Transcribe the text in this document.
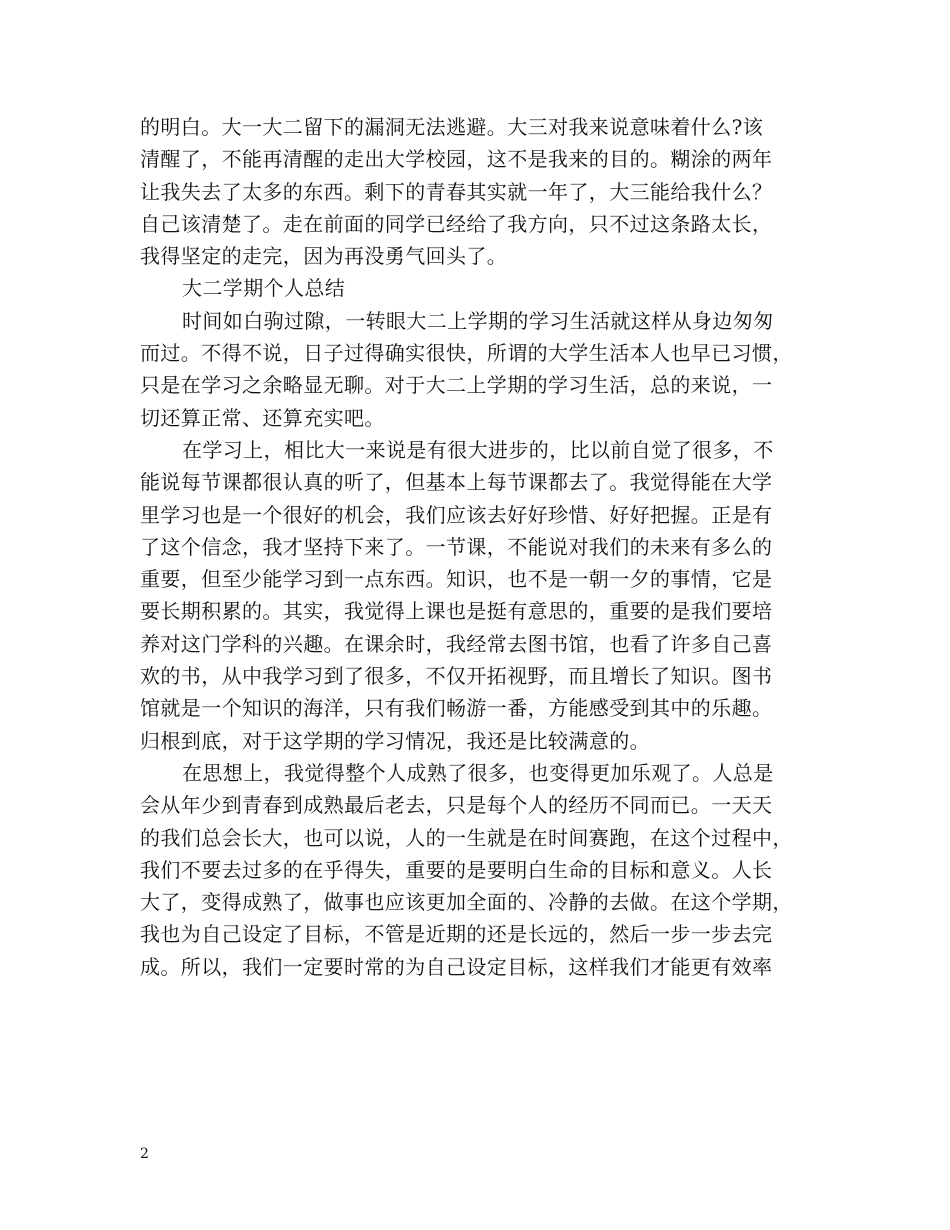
的明白。大一大二留下的漏洞无法逃避。大三对我来说意味着什么?该

清醒了，不能再清醒的走出大学校园，这不是我来的目的。糊涂的两年

让我失去了太多的东西。剩下的青春其实就一年了，大三能给我什么？

自己该清楚了。走在前面的同学已经给了我方向，只不过这条路太长，

我得坚定的走完，因为再没勇气回头了。

大二学期个人总结

时间如白驹过隙，一转眼大二上学期的学习生活就这样从身边匆匆

而过。不得不说，日子过得确实很快，所谓的大学生活本人也早已习惯，

只是在学习之余略显无聊。对于大二上学期的学习生活，总的来说，一

切还算正常、还算充实吧。

在学习上，相比大一来说是有很大进步的，比以前自觉了很多，不

能说每节课都很认真的听了，但基本上每节课都去了。我觉得能在大学

里学习也是一个很好的机会，我们应该去好好珍惜、好好把握。正是有

了这个信念，我才坚持下来了。一节课，不能说对我们的未来有多么的

重要，但至少能学习到一点东西。知识，也不是一朝一夕的事情，它是

要长期积累的。其实，我觉得上课也是挺有意思的，重要的是我们要培

养对这门学科的兴趣。在课余时，我经常去图书馆，也看了许多自己喜

欢的书，从中我学习到了很多，不仅开拓视野，而且增长了知识。图书

馆就是一个知识的海洋，只有我们畅游一番，方能感受到其中的乐趣。

归根到底，对于这学期的学习情况，我还是比较满意的。

在思想上，我觉得整个人成熟了很多，也变得更加乐观了。人总是

会从年少到青春到成熟最后老去，只是每个人的经历不同而已。一天天

的我们总会长大，也可以说，人的一生就是在时间赛跑，在这个过程中，

我们不要去过多的在乎得失，重要的是要明白生命的目标和意义。人长

大了，变得成熟了，做事也应该更加全面的、冷静的去做。在这个学期，

我也为自己设定了目标，不管是近期的还是长远的，然后一步一步去完

成。所以，我们一定要时常的为自己设定目标，这样我们才能更有效率

2
